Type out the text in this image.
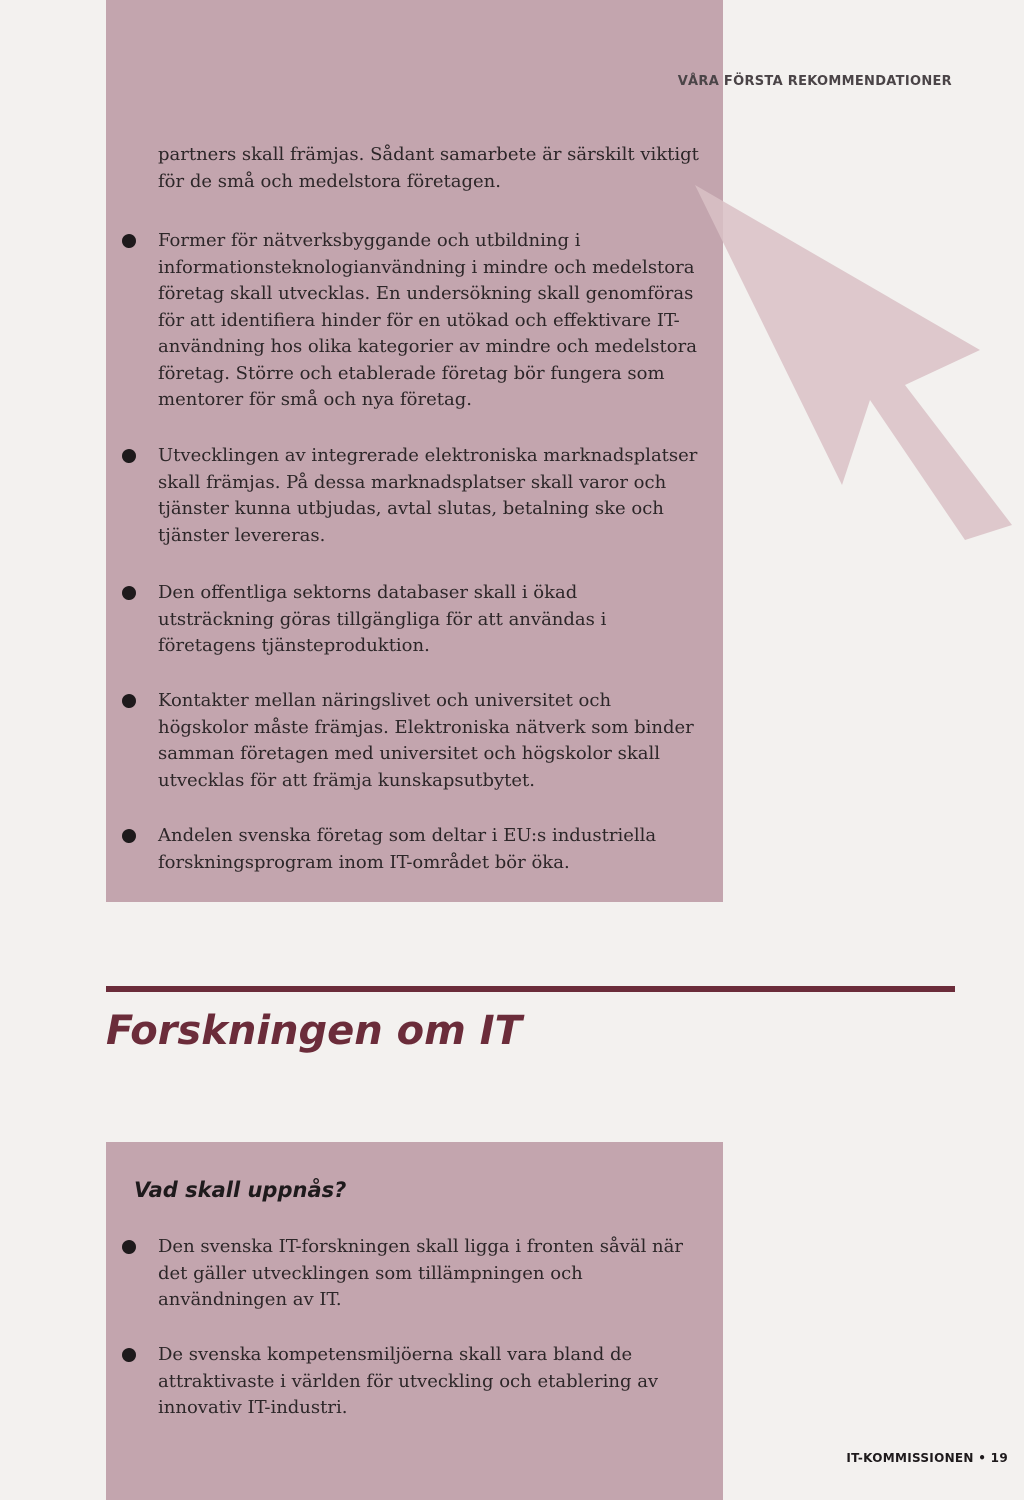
VÅRA FÖRSTA REKOMMENDATIONER
partners skall främjas. Sådant samarbete är särskilt viktigt för de små och medelstora företagen.
Former för nätverksbyggande och utbildning i informationsteknologianvändning i mindre och medelstora företag skall utvecklas. En undersökning skall genomföras för att identifiera hinder för en utökad och effektivare IT-användning hos olika kategorier av mindre och medelstora företag. Större och etablerade företag bör fungera som mentorer för små och nya företag.
Utvecklingen av integrerade elektroniska marknadsplatser skall främjas. På dessa marknadsplatser skall varor och tjänster kunna utbjudas, avtal slutas, betalning ske och tjänster levereras.
Den offentliga sektorns databaser skall i ökad utsträckning göras tillgängliga för att användas i företagens tjänsteproduktion.
Kontakter mellan näringslivet och universitet och högskolor måste främjas. Elektroniska nätverk som binder samman företagen med universitet och högskolor skall utvecklas för att främja kunskapsutbytet.
Andelen svenska företag som deltar i EU:s industriella forskningsprogram inom IT-området bör öka.
Forskningen om IT
Vad skall uppnås?
Den svenska IT-forskningen skall ligga i fronten såväl när det gäller utvecklingen som tillämpningen och användningen av IT.
De svenska kompetensmiljöerna skall vara bland de attraktivaste i världen för utveckling och etablering av innovativ IT-industri.
IT-KOMMISSIONEN • 19
